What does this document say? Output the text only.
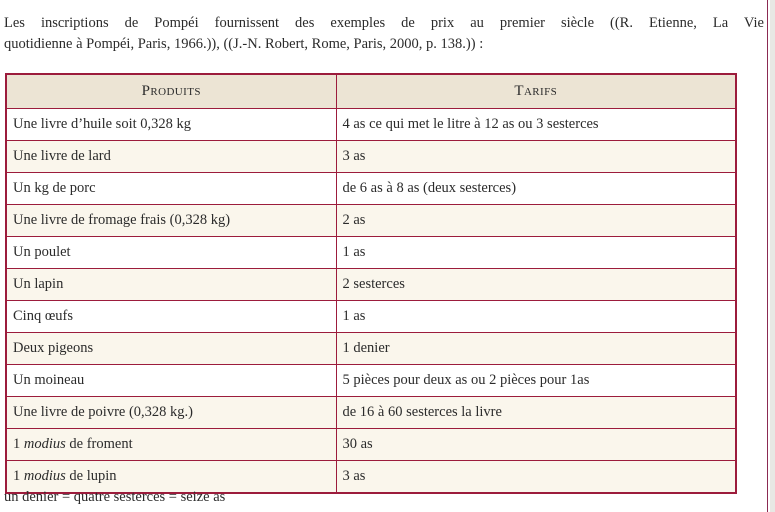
Les inscriptions de Pompéi fournissent des exemples de prix au premier siècle ((R. Etienne, La Vie
quotidienne à Pompéi, Paris, 1966.)), ((J.-N. Robert, Rome, Paris, 2000, p. 138.)) :
Produits	Tarifs
Une livre d’huile soit 0,328 kg	4 as ce qui met le litre à 12 as ou 3 sesterces
Une livre de lard	3 as
Un kg de porc	de 6 as à 8 as (deux sesterces)
Une livre de fromage frais (0,328 kg)	2 as
Un poulet	1 as
Un lapin	2 sesterces
Cinq œufs	1 as
Deux pigeons	1 denier
Un moineau	5 pièces pour deux as ou 2 pièces pour 1as
Une livre de poivre (0,328 kg.)	de 16 à 60 sesterces la livre
1 modius de froment	30 as
1 modius de lupin	3 as
un denier = quatre sesterces = seize as
